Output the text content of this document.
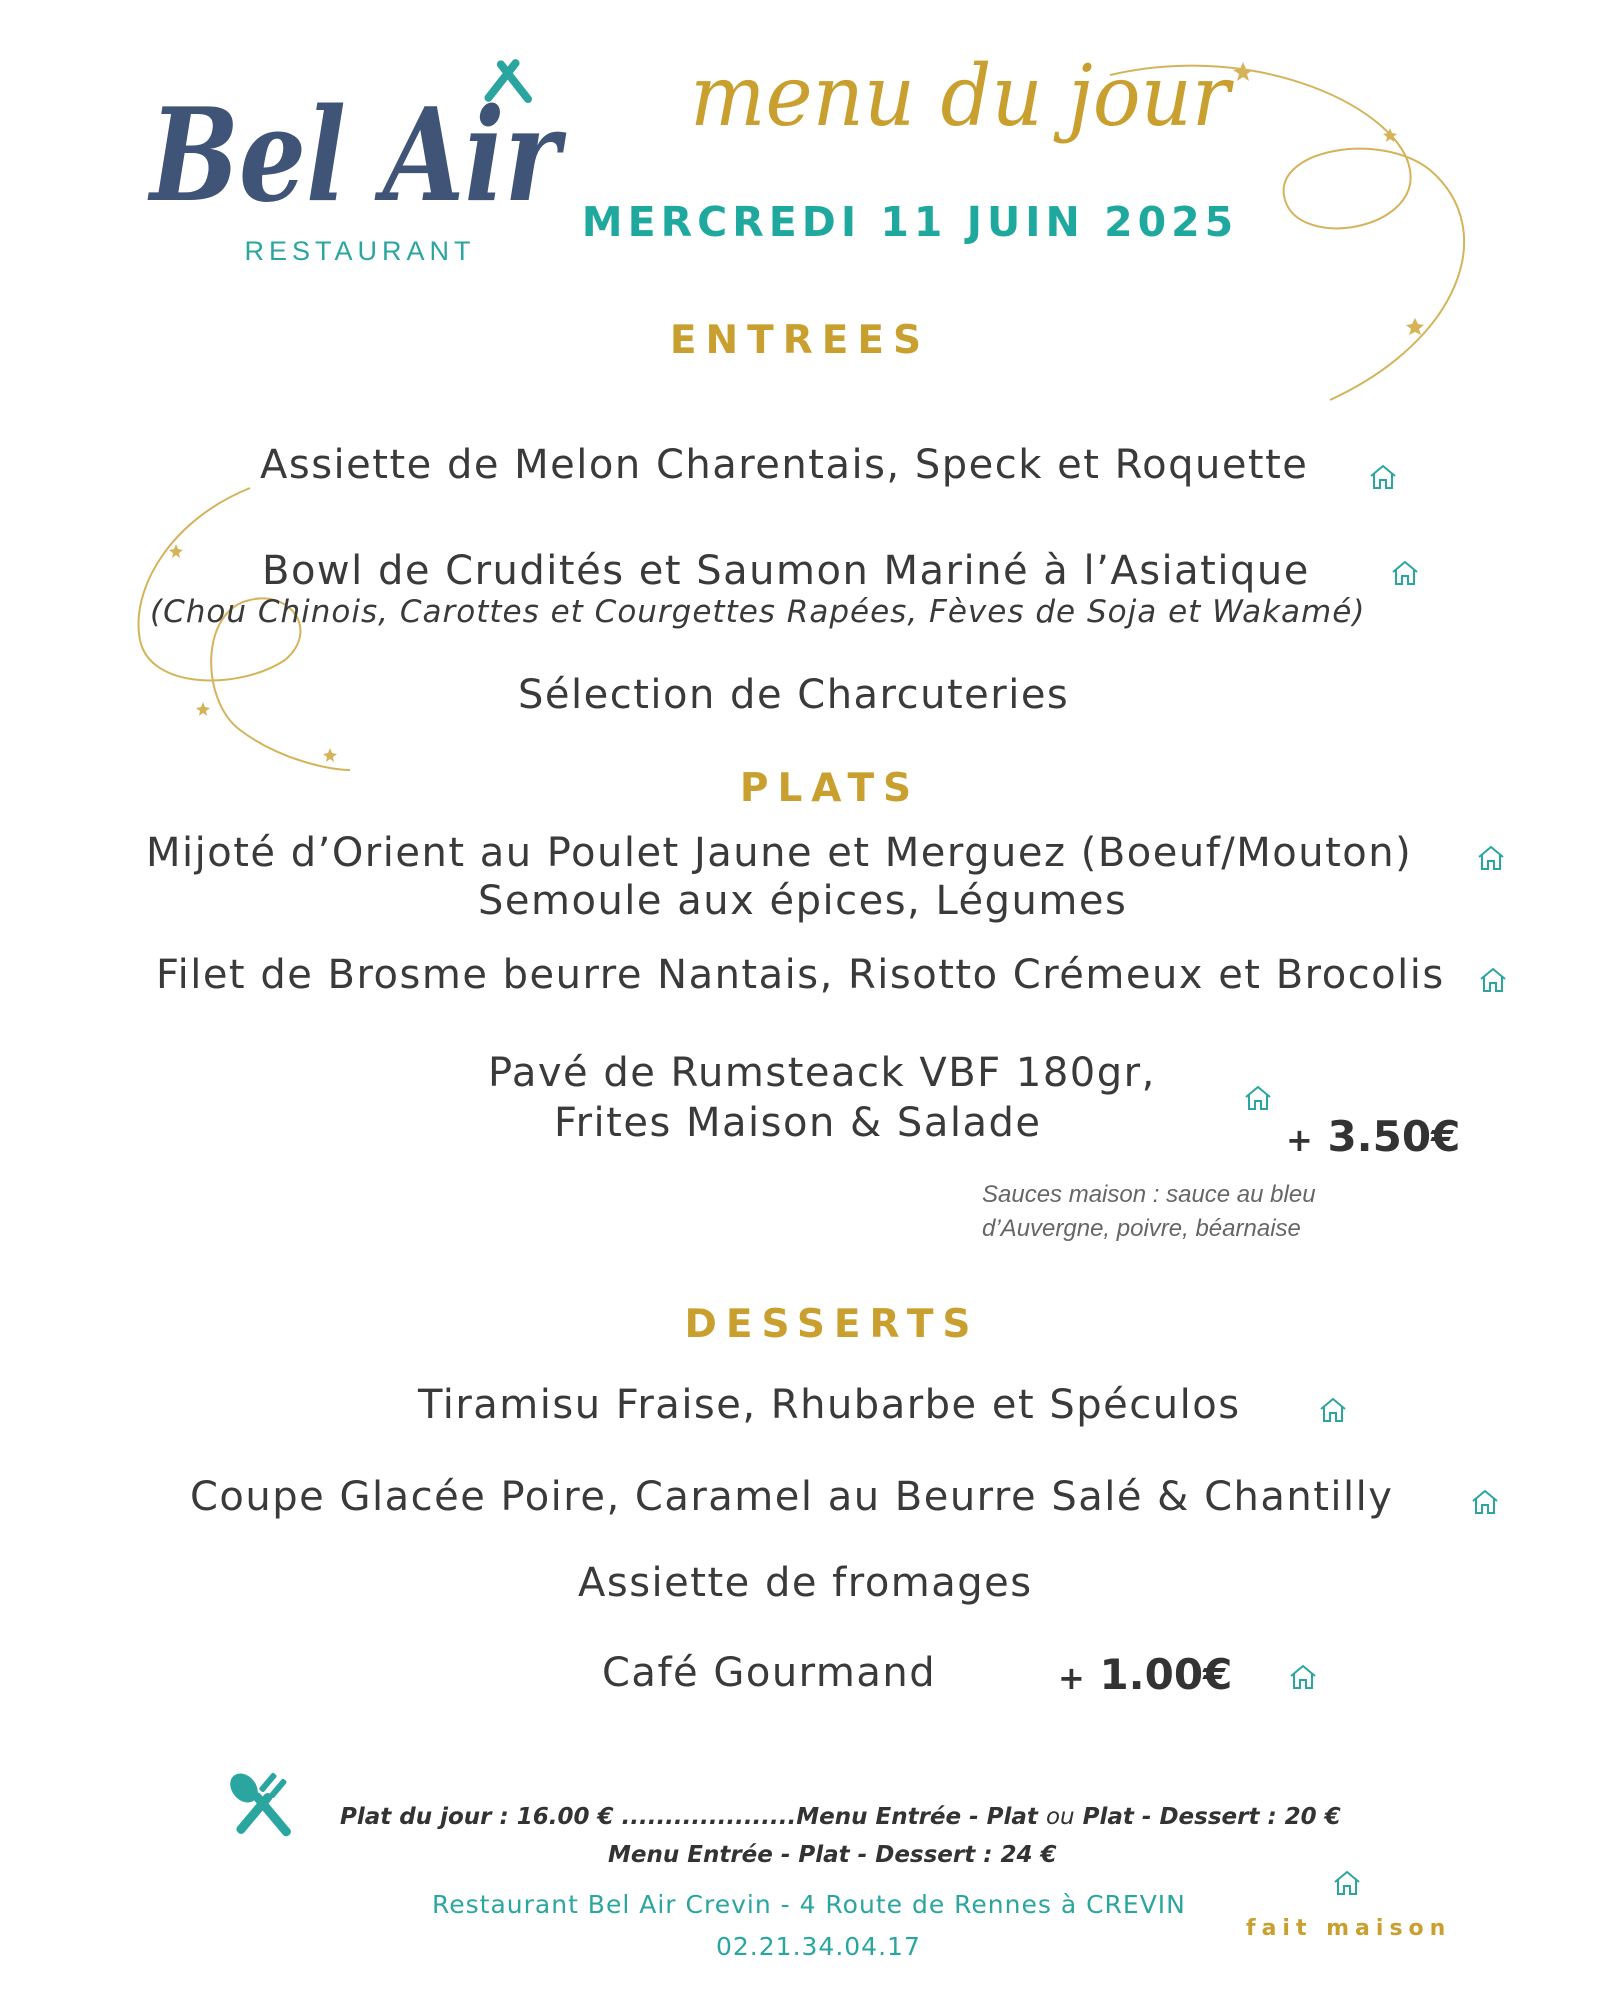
Bel Air
RESTAURANT
menu du jour
MERCREDI 11 JUIN 2025
ENTREES
Assiette de Melon Charentais, Speck et Roquette
Bowl de Crudités et Saumon Mariné à l’Asiatique
(Chou Chinois, Carottes et Courgettes Rapées, Fèves de Soja et Wakamé)
Sélection de Charcuteries
PLATS
Mijoté d’Orient au Poulet Jaune et Merguez (Boeuf/Mouton)
Semoule aux épices, Légumes
Filet de Brosme beurre Nantais, Risotto Crémeux et Brocolis
Pavé de Rumsteack VBF 180gr,
Frites Maison & Salade	+ 3.50€
Sauces maison : sauce au bleu
d’Auvergne, poivre, béarnaise
DESSERTS
Tiramisu Fraise, Rhubarbe et Spéculos
Coupe Glacée Poire, Caramel au Beurre Salé & Chantilly
Assiette de fromages
Café Gourmand	+ 1.00€
Plat du jour : 16.00 € ....................Menu Entrée - Plat ou Plat - Dessert : 20 €
Menu Entrée - Plat - Dessert : 24 €
Restaurant Bel Air Crevin - 4 Route de Rennes à CREVIN
02.21.34.04.17
fait maison
